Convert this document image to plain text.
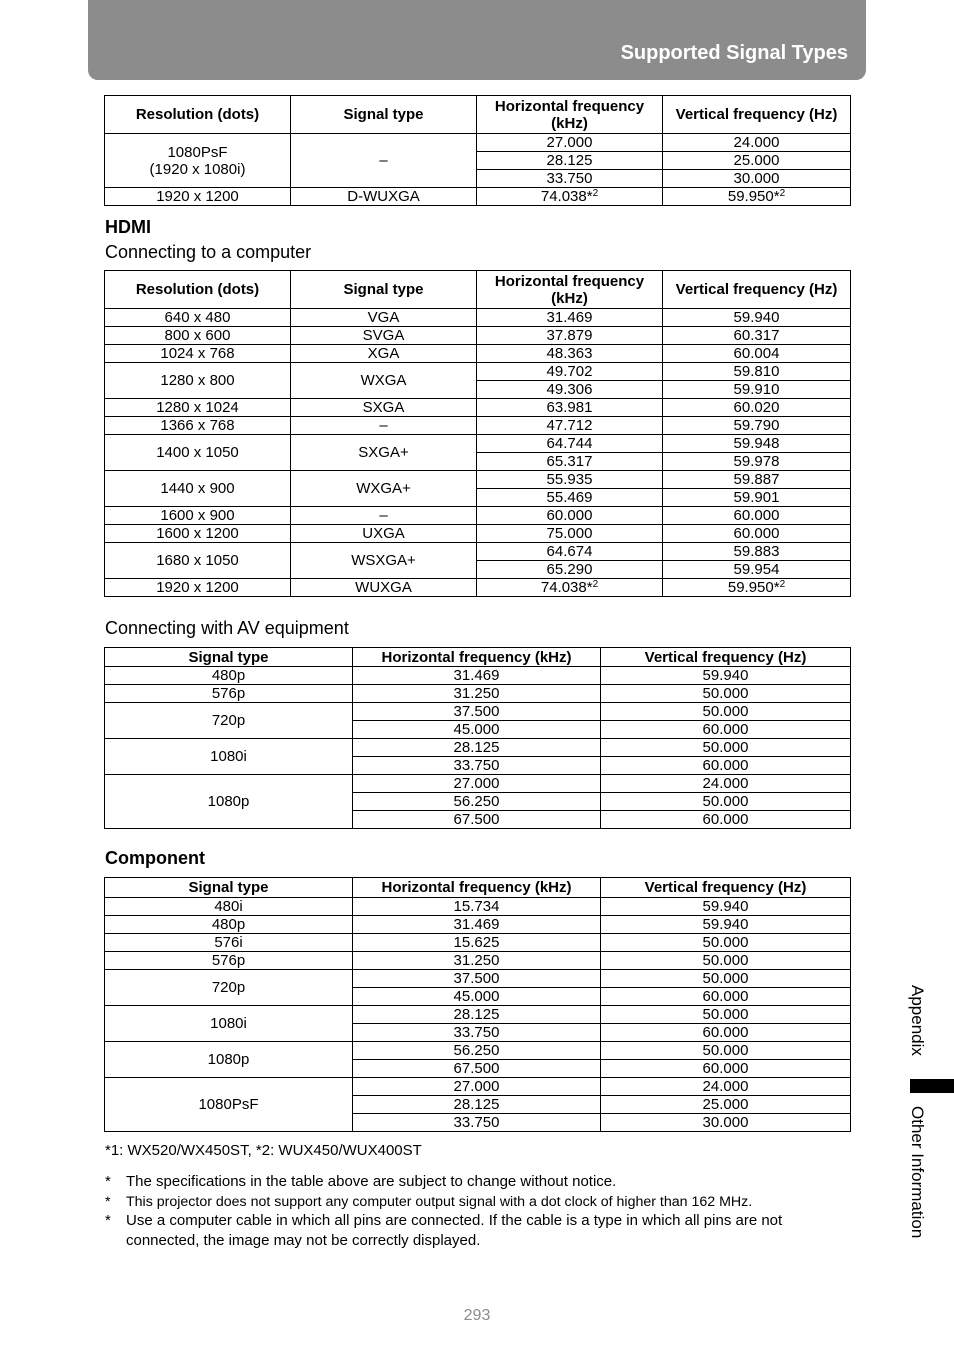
Supported Signal Types
Resolution (dots)	Signal type	Horizontal frequency (kHz)	Vertical frequency (Hz)
1080PsF
(1920 x 1080i)	–	27.000	24.000
		28.125	25.000
		33.750	30.000
1920 x 1200	D-WUXGA	74.038*$^2$	59.950*$^2$
HDMI
Connecting to a computer
Resolution (dots)	Signal type	Horizontal frequency (kHz)	Vertical frequency (Hz)
640 x 480	VGA	31.469	59.940
800 x 600	SVGA	37.879	60.317
1024 x 768	XGA	48.363	60.004
1280 x 800	WXGA	49.702	59.810
		49.306	59.910
1280 x 1024	SXGA	63.981	60.020
1366 x 768	–	47.712	59.790
1400 x 1050	SXGA+	64.744	59.948
		65.317	59.978
1440 x 900	WXGA+	55.935	59.887
		55.469	59.901
1600 x 900	–	60.000	60.000
1600 x 1200	UXGA	75.000	60.000
1680 x 1050	WSXGA+	64.674	59.883
		65.290	59.954
1920 x 1200	WUXGA	74.038*$^2$	59.950*$^2$
Connecting with AV equipment
Signal type	Horizontal frequency (kHz)	Vertical frequency (Hz)
480p	31.469	59.940
576p	31.250	50.000
720p	37.500	50.000
	45.000	60.000
1080i	28.125	50.000
	33.750	60.000
1080p	27.000	24.000
	56.250	50.000
	67.500	60.000
Component
Signal type	Horizontal frequency (kHz)	Vertical frequency (Hz)
480i	15.734	59.940
480p	31.469	59.940
576i	15.625	50.000
576p	31.250	50.000
720p	37.500	50.000
	45.000	60.000
1080i	28.125	50.000
	33.750	60.000
1080p	56.250	50.000
	67.500	60.000
1080PsF	27.000	24.000
	28.125	25.000
	33.750	30.000
*1: WX520/WX450ST, *2: WUX450/WUX400ST
* The specifications in the table above are subject to change without notice.
* This projector does not support any computer output signal with a dot clock of higher than 162 MHz.
* Use a computer cable in which all pins are connected. If the cable is a type in which all pins are not connected, the image may not be correctly displayed.
293
Appendix
Other Information
